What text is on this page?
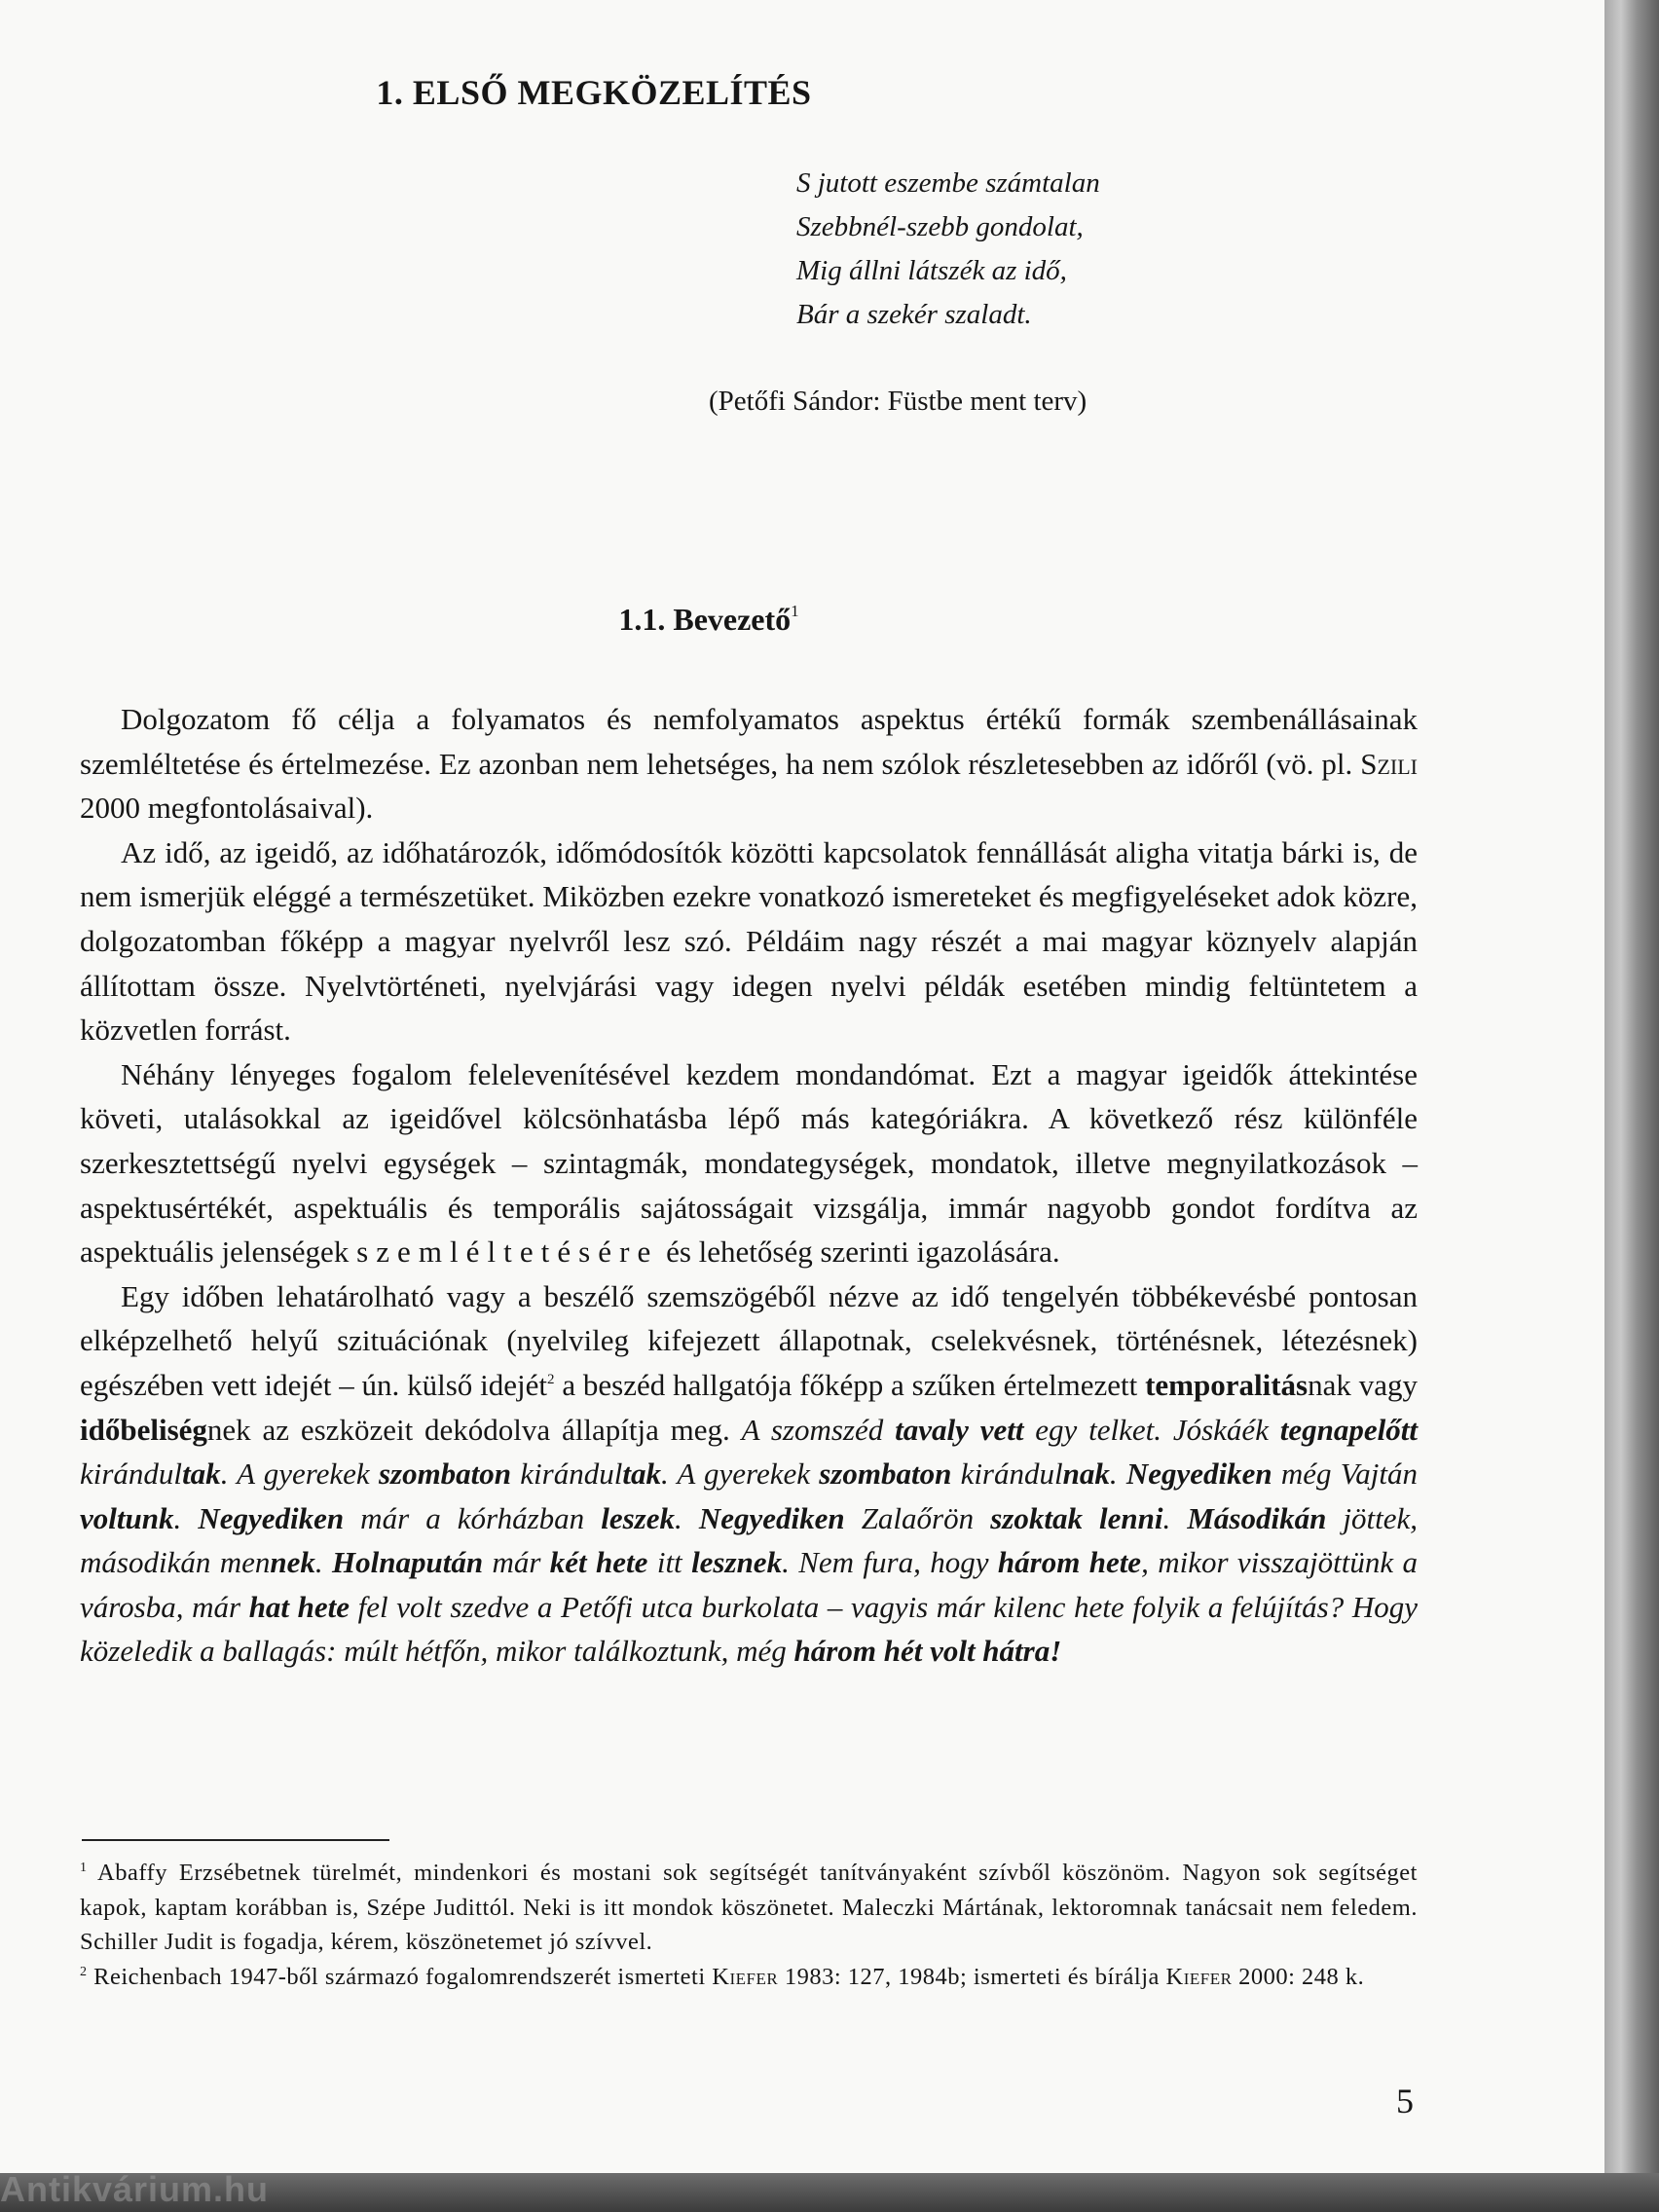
1. ELSŐ MEGKÖZELÍTÉS
S jutott eszembe számtalan
Szebbnél-szebb gondolat,
Mig állni látszék az idő,
Bár a szekér szaladt.
(Petőfi Sándor: Füstbe ment terv)
1.1. Bevezető$^1$

Dolgozatom fő célja a folyamatos és nemfolyamatos aspektus értékű formák szembenállásainak szemléltetése és értelmezése. Ez azonban nem lehetséges, ha nem szólok részletesebben az időről (vö. pl. Szili 2000 megfontolásaival).

Az idő, az igeidő, az időhatározók, időmódosítók közötti kapcsolatok fennállását aligha vitatja bárki is, de nem ismerjük eléggé a természetüket. Miközben ezekre vonatkozó ismereteket és megfigyeléseket adok közre, dolgozatomban főképp a magyar nyelvről lesz szó. Példáim nagy részét a mai magyar köznyelv alapján állítottam össze. Nyelvtörténeti, nyelvjárási vagy idegen nyelvi példák esetében mindig feltüntetem a közvetlen forrást.

Néhány lényeges fogalom felelevenítésével kezdem mondandómat. Ezt a magyar igeidők áttekintése követi, utalásokkal az igeidővel kölcsönhatásba lépő más kategóriákra. A következő rész különféle szerkesztettségű nyelvi egységek – szintagmák, mondategységek, mondatok, illetve megnyilatkozások – aspektusértékét, aspektuális és temporális sajátosságait vizsgálja, immár nagyobb gondot fordítva az aspektuális jelenségek szemléltetésére és lehetőség szerinti igazolására.

Egy időben lehatárolható vagy a beszélő szemszögéből nézve az idő tengelyén többékevésbé pontosan elképzelhető helyű szituációnak (nyelvileg kifejezett állapotnak, cselekvésnek, történésnek, létezésnek) egészében vett idejét – ún. külső idejét$^2$ a beszéd hallgatója főképp a szűken értelmezett temporalitásnak vagy időbeliségnek az eszközeit dekódolva állapítja meg. A szomszéd tavaly vett egy telket. Jóskáék tegnapelőtt kirándultak. A gyerekek szombaton kirándultak. A gyerekek szombaton kirándulnak. Negyediken még Vajtán voltunk. Negyediken már a kórházban leszek. Negyediken Zalaőrön szoktak lenni. Másodikán jöttek, másodikán mennek. Holnapután már két hete itt lesznek. Nem fura, hogy három hete, mikor visszajöttünk a városba, már hat hete fel volt szedve a Petőfi utca burkolata – vagyis már kilenc hete folyik a felújítás? Hogy közeledik a ballagás: múlt hétfőn, mikor találkoztunk, még három hét volt hátra!

$^1$ Abaffy Erzsébetnek türelmét, mindenkori és mostani sok segítségét tanítványaként szívből köszönöm. Nagyon sok segítséget kapok, kaptam korábban is, Szépe Judittól. Neki is itt mondok köszönetet. Maleczki Mártának, lektoromnak tanácsait nem feledem. Schiller Judit is fogadja, kérem, köszönetemet jó szívvel.

$^2$ Reichenbach 1947-ből származó fogalomrendszerét ismerteti Kiefer 1983: 127, 1984b; ismerteti és bírálja Kiefer 2000: 248 k.

5
Antikvárium.hu
